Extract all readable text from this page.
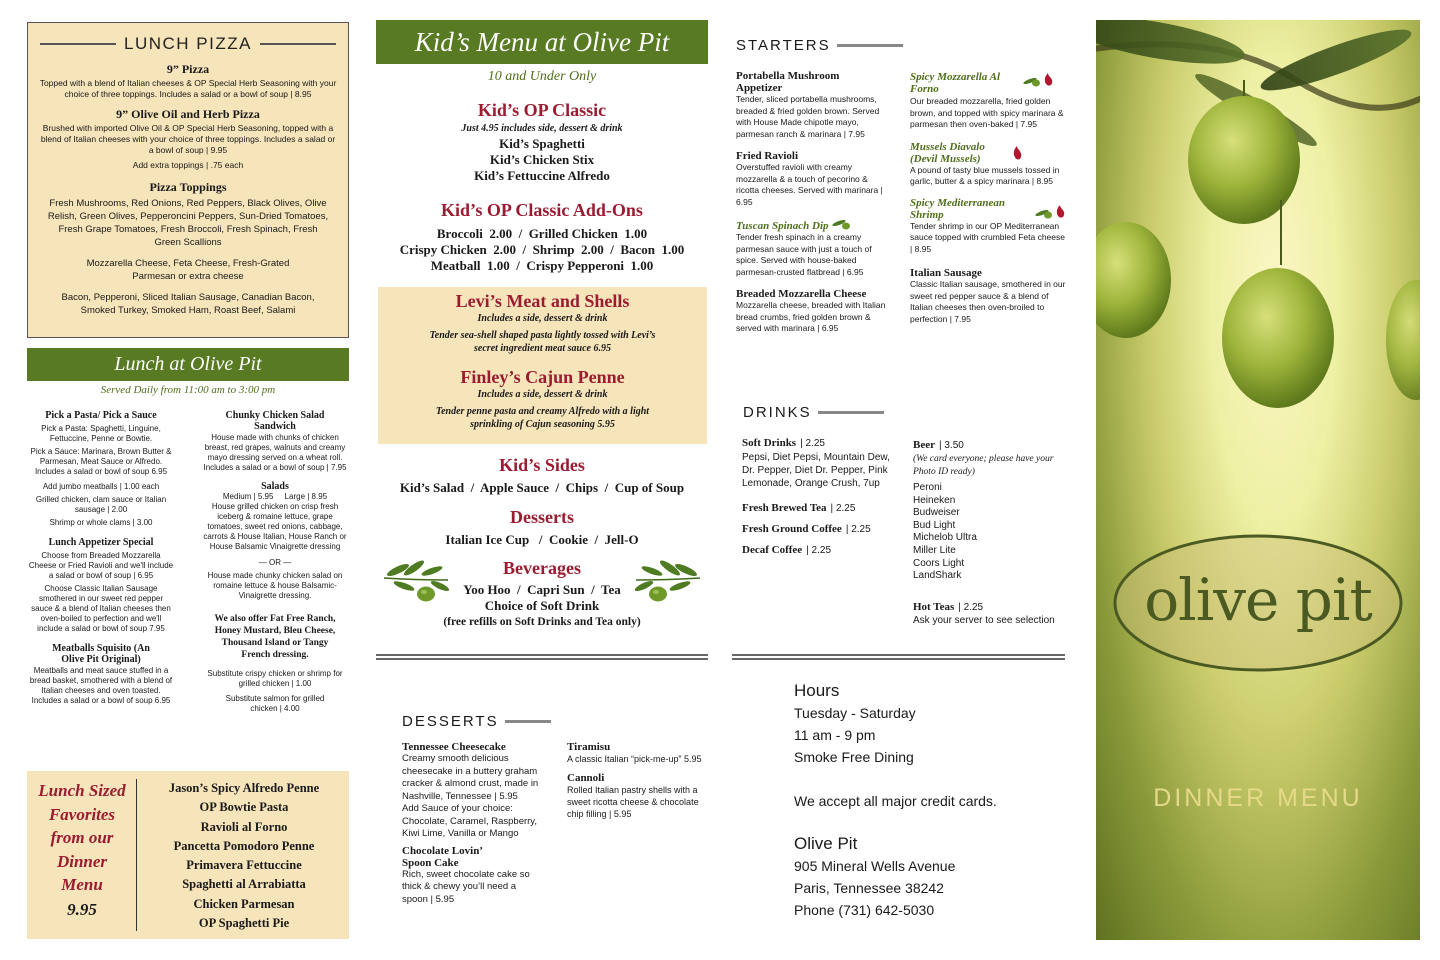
LUNCH PIZZA
9” Pizza
Topped with a blend of Italian cheeses & OP Special Herb Seasoning with your choice of three toppings. Includes a salad or a bowl of soup | 8.95
9” Olive Oil and Herb Pizza
Brushed with imported Olive Oil & OP Special Herb Seasoning, topped with a blend of Italian cheeses with your choice of three toppings. Includes a salad or a bowl of soup | 9.95
Add extra toppings | .75 each
Pizza Toppings
Fresh Mushrooms, Red Onions, Red Peppers, Black Olives, Olive Relish, Green Olives, Pepperoncini Peppers, Sun-Dried Tomatoes, Fresh Grape Tomatoes, Fresh Broccoli, Fresh Spinach, Fresh Green Scallions
Mozzarella Cheese, Feta Cheese, Fresh-Grated Parmesan or extra cheese
Bacon, Pepperoni, Sliced Italian Sausage, Canadian Bacon, Smoked Turkey, Smoked Ham, Roast Beef, Salami
Lunch at Olive Pit
Served Daily from 11:00 am to 3:00 pm
Pick a Pasta/ Pick a Sauce
Pick a Pasta: Spaghetti, Linguine, Fettuccine, Penne or Bowtie.
Pick a Sauce: Marinara, Brown Butter & Parmesan, Meat Sauce or Alfredo. Includes a salad or bowl of soup 6.95
Add jumbo meatballs | 1.00 each
Grilled chicken, clam sauce or Italian sausage | 2.00
Shrimp or whole clams | 3.00
Lunch Appetizer Special
Choose from Breaded Mozzarella Cheese or Fried Ravioli and we'll include a salad or bowl of soup | 6.95
Choose Classic Italian Sausage smothered in our sweet red pepper sauce & a blend of Italian cheeses then oven-boiled to perfection and we'll include a salad or bowl of soup 7.95
Meatballs Squisito (An Olive Pit Original)
Meatballs and meat sauce stuffed in a bread basket, smothered with a blend of Italian cheeses and oven toasted. Includes a salad or a bowl of soup 6.95
Chunky Chicken Salad Sandwich
House made with chunks of chicken breast, red grapes, walnuts and creamy mayo dressing served on a wheat roll. Includes a salad or a bowl of soup | 7.95
Salads
Medium | 5.95     Large | 8.95
House grilled chicken on crisp fresh iceberg & romaine lettuce, grape tomatoes, sweet red onions, cabbage, carrots & House Italian, House Ranch or House Balsamic Vinaigrette dressing
— OR —
House made chunky chicken salad on romaine lettuce & house Balsamic-Vinaigrette dressing.
We also offer Fat Free Ranch, Honey Mustard, Bleu Cheese, Thousand Island or Tangy French dressing.
Substitute crispy chicken or shrimp for grilled chicken | 1.00
Substitute salmon for grilled chicken | 4.00
Lunch Sized
Favorites
from our
Dinner
Menu
9.95
Jason’s Spicy Alfredo Penne
OP Bowtie Pasta
Ravioli al Forno
Pancetta Pomodoro Penne
Primavera Fettuccine
Spaghetti al Arrabiatta
Chicken Parmesan
OP Spaghetti Pie
Kid’s Menu at Olive Pit
10 and Under Only
Kid’s OP Classic
Just 4.95 includes side, dessert & drink
Kid’s Spaghetti
Kid’s Chicken Stix
Kid’s Fettuccine Alfredo
Kid’s OP Classic Add-Ons
Broccoli  2.00  /  Grilled Chicken  1.00
Crispy Chicken  2.00  /  Shrimp  2.00  /  Bacon  1.00
Meatball  1.00  /  Crispy Pepperoni  1.00
Levi’s Meat and Shells
Includes a side, dessert & drink
Tender sea-shell shaped pasta lightly tossed with Levi’s secret ingredient meat sauce 6.95
Finley’s Cajun Penne
Includes a side, dessert & drink
Tender penne pasta and creamy Alfredo with a light sprinkling of Cajun seasoning 5.95
Kid’s Sides
Kid’s Salad  /  Apple Sauce  /  Chips  /  Cup of Soup
Desserts
Italian Ice Cup   /  Cookie  /  Jell-O
Beverages
Yoo Hoo  /  Capri Sun  /  Tea
Choice of Soft Drink
(free refills on Soft Drinks and Tea only)
DESSERTS
Tennessee Cheesecake
Creamy smooth delicious cheesecake in a buttery graham cracker & almond crust, made in Nashville, Tennessee | 5.95
Add Sauce of your choice:
Chocolate, Caramel, Raspberry, Kiwi Lime, Vanilla or Mango
Chocolate Lovin’ Spoon Cake
Rich, sweet chocolate cake so thick & chewy you’ll need a spoon | 5.95
Tiramisu
A classic Italian “pick-me-up” 5.95
Cannoli
Rolled Italian pastry shells with a sweet ricotta cheese & chocolate chip filling | 5.95
STARTERS
Portabella Mushroom Appetizer
Tender, sliced portabella mushrooms, breaded & fried golden brown. Served with House Made chipotle mayo, parmesan ranch & marinara | 7.95
Fried Ravioli
Overstuffed ravioli with creamy mozzarella & a touch of pecorino & ricotta cheeses. Served with marinara | 6.95
Tuscan Spinach Dip
Tender fresh spinach in a creamy parmesan sauce with just a touch of spice. Served with house-baked parmesan-crusted flatbread | 6.95
Breaded Mozzarella Cheese
Mozzarella cheese, breaded with Italian bread crumbs, fried golden brown & served with marinara | 6.95
Spicy Mozzarella Al Forno
Our breaded mozzarella, fried golden brown, and topped with spicy marinara & parmesan then oven-baked | 7.95
Mussels Diavalo (Devil Mussels)
A pound of tasty blue mussels tossed in garlic, butter & a spicy marinara | 8.95
Spicy Mediterranean Shrimp
Tender shrimp in our OP Mediterranean sauce topped with crumbled Feta cheese | 8.95
Italian Sausage
Classic Italian sausage, smothered in our sweet red pepper sauce & a blend of Italian cheeses then oven-broiled to perfection | 7.95
DRINKS
Soft Drinks | 2.25
Pepsi, Diet Pepsi, Mountain Dew, Dr. Pepper, Diet Dr. Pepper, Pink Lemonade, Orange Crush, 7up
Fresh Brewed Tea | 2.25
Fresh Ground Coffee | 2.25
Decaf Coffee | 2.25
Beer | 3.50
(We card everyone; please have your Photo ID ready)
Peroni
Heineken
Budweiser
Bud Light
Michelob Ultra
Miller Lite
Coors Light
LandShark
Hot Teas | 2.25
Ask your server to see selection
Hours
Tuesday - Saturday
11 am - 9 pm
Smoke Free Dining
We accept all major credit cards.
Olive Pit
905 Mineral Wells Avenue
Paris, Tennessee 38242
Phone (731) 642-5030
olive pit
DINNER MENU
